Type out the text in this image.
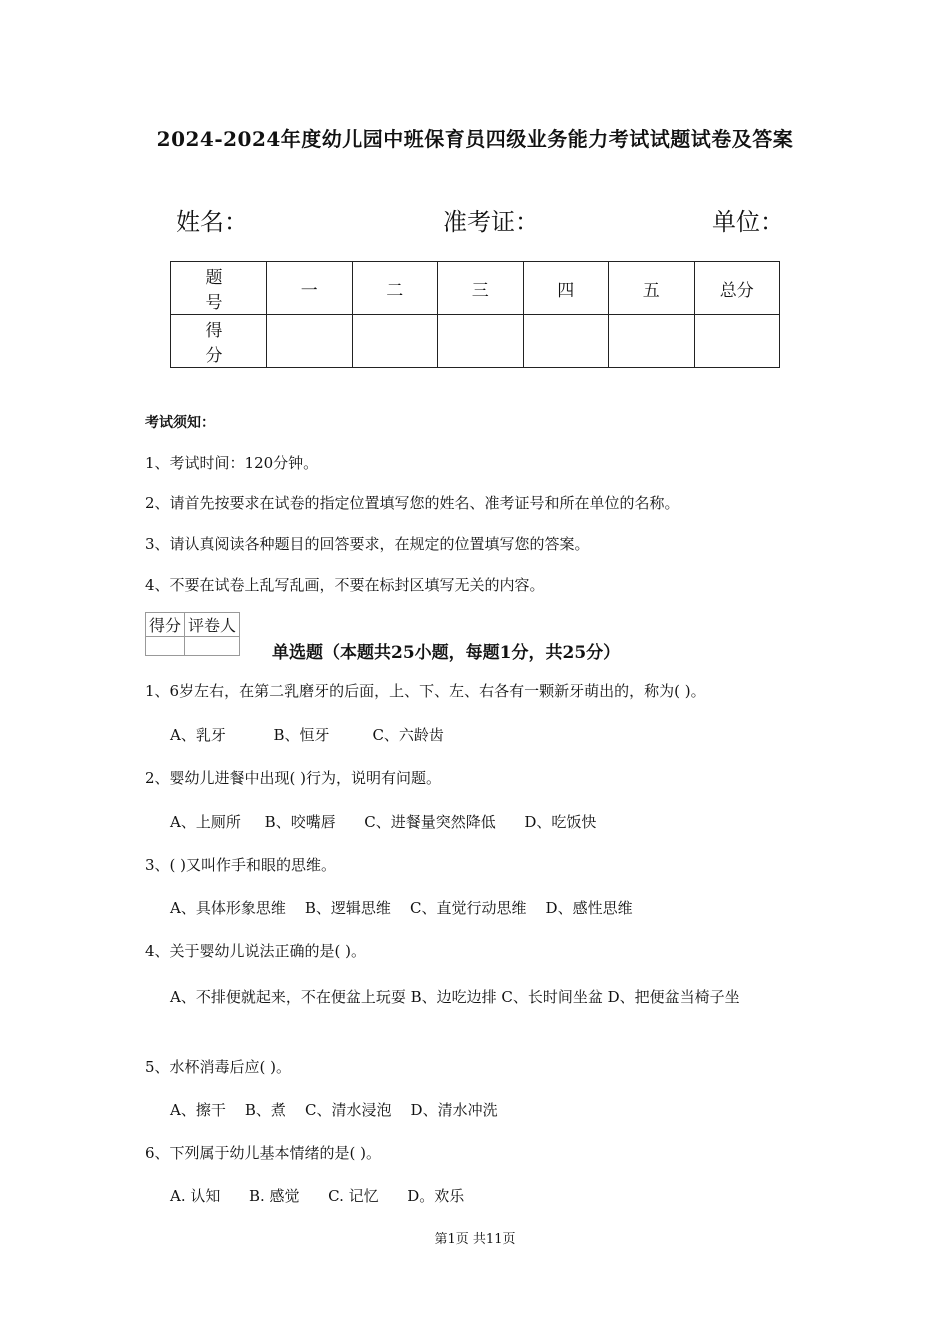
2024-2024年度幼儿园中班保育员四级业务能力考试试题试卷及答案
姓名：	准考证：	单位：
题　号	一	二	三	四	五	总分
得　分						
考试须知：
1、考试时间：120分钟。
2、请首先按要求在试卷的指定位置填写您的姓名、准考证号和所在单位的名称。
3、请认真阅读各种题目的回答要求，在规定的位置填写您的答案。
4、不要在试卷上乱写乱画，不要在标封区填写无关的内容。
得分	评卷人

单选题（本题共25小题，每题1分，共25分）
1、6岁左右，在第二乳磨牙的后面，上、下、左、右各有一颗新牙萌出的，称为( )。
A、乳牙          B、恒牙         C、六龄齿
2、婴幼儿进餐中出现( )行为，说明有问题。
A、上厕所     B、咬嘴唇      C、进餐量突然降低      D、吃饭快
3、( )又叫作手和眼的思维。
A、具体形象思维    B、逻辑思维    C、直觉行动思维    D、感性思维
4、关于婴幼儿说法正确的是( )。
A、不排便就起来，不在便盆上玩耍 B、边吃边排 C、长时间坐盆 D、把便盆当椅子坐
5、水杯消毒后应( )。
A、擦干    B、煮    C、清水浸泡    D、清水冲洗
6、下列属于幼儿基本情绪的是( )。
A. 认知      B. 感觉      C. 记忆      D。欢乐
第1页 共11页
